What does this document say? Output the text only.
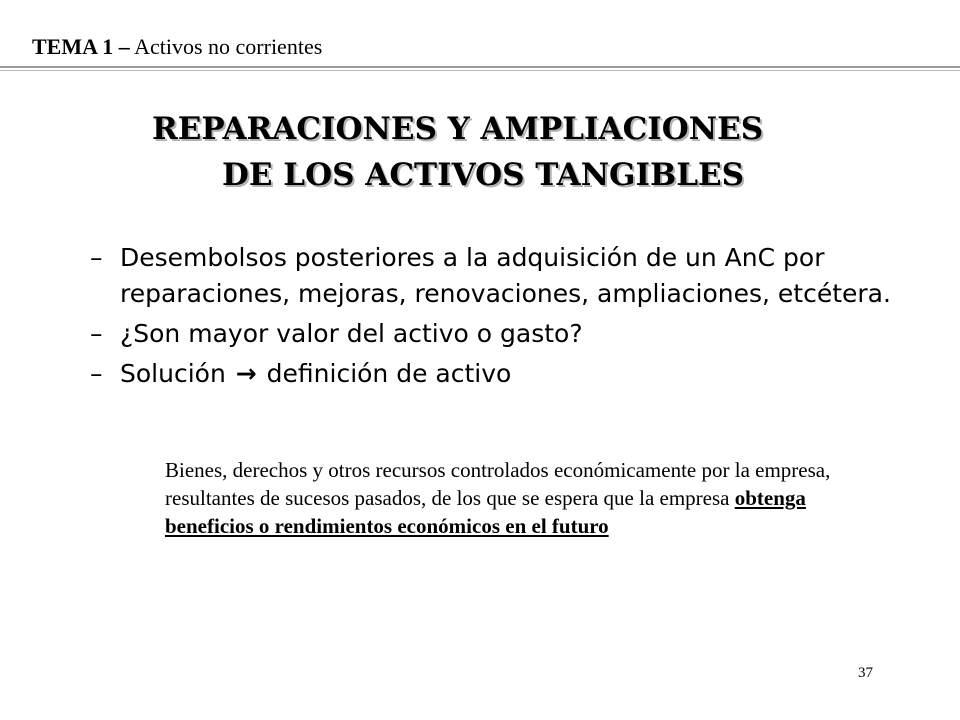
TEMA 1 – Activos no corrientes
REPARACIONES Y AMPLIACIONES
DE LOS ACTIVOS TANGIBLES
– Desembolsos posteriores a la adquisición de un AnC por reparaciones, mejoras, renovaciones, ampliaciones, etcétera.
– ¿Son mayor valor del activo o gasto?
– Solución → definición de activo
Bienes, derechos y otros recursos controlados económicamente por la empresa, resultantes de sucesos pasados, de los que se espera que la empresa obtenga beneficios o rendimientos económicos en el futuro
37
